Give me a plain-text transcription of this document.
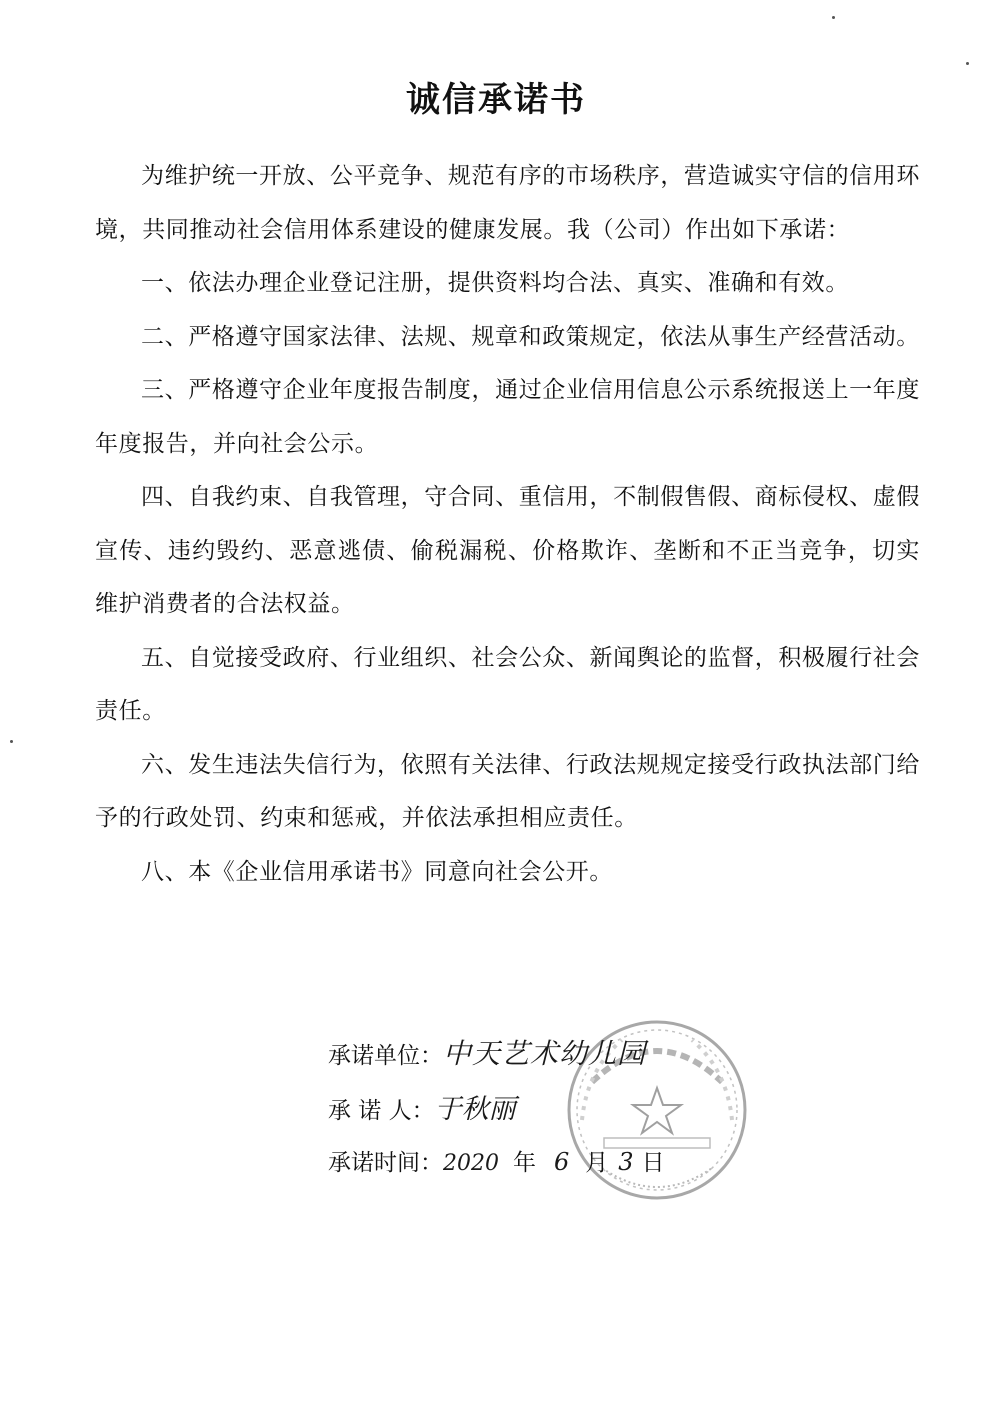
诚信承诺书

为维护统一开放、公平竞争、规范有序的市场秩序，营造诚实守信的信用环境，共同推动社会信用体系建设的健康发展。我（公司）作出如下承诺：

一、依法办理企业登记注册，提供资料均合法、真实、准确和有效。

二、严格遵守国家法律、法规、规章和政策规定，依法从事生产经营活动。

三、严格遵守企业年度报告制度，通过企业信用信息公示系统报送上一年度年度报告，并向社会公示。

四、自我约束、自我管理，守合同、重信用，不制假售假、商标侵权、虚假宣传、违约毁约、恶意逃债、偷税漏税、价格欺诈、垄断和不正当竞争，切实维护消费者的合法权益。

五、自觉接受政府、行业组织、社会公众、新闻舆论的监督，积极履行社会责任。

六、发生违法失信行为，依照有关法律、行政法规规定接受行政执法部门给予的行政处罚、约束和惩戒，并依法承担相应责任。

八、本《企业信用承诺书》同意向社会公开。

承诺单位：中天艺术幼儿园
承 诺 人：于秋丽
承诺时间：2020 年 6 月 3 日
